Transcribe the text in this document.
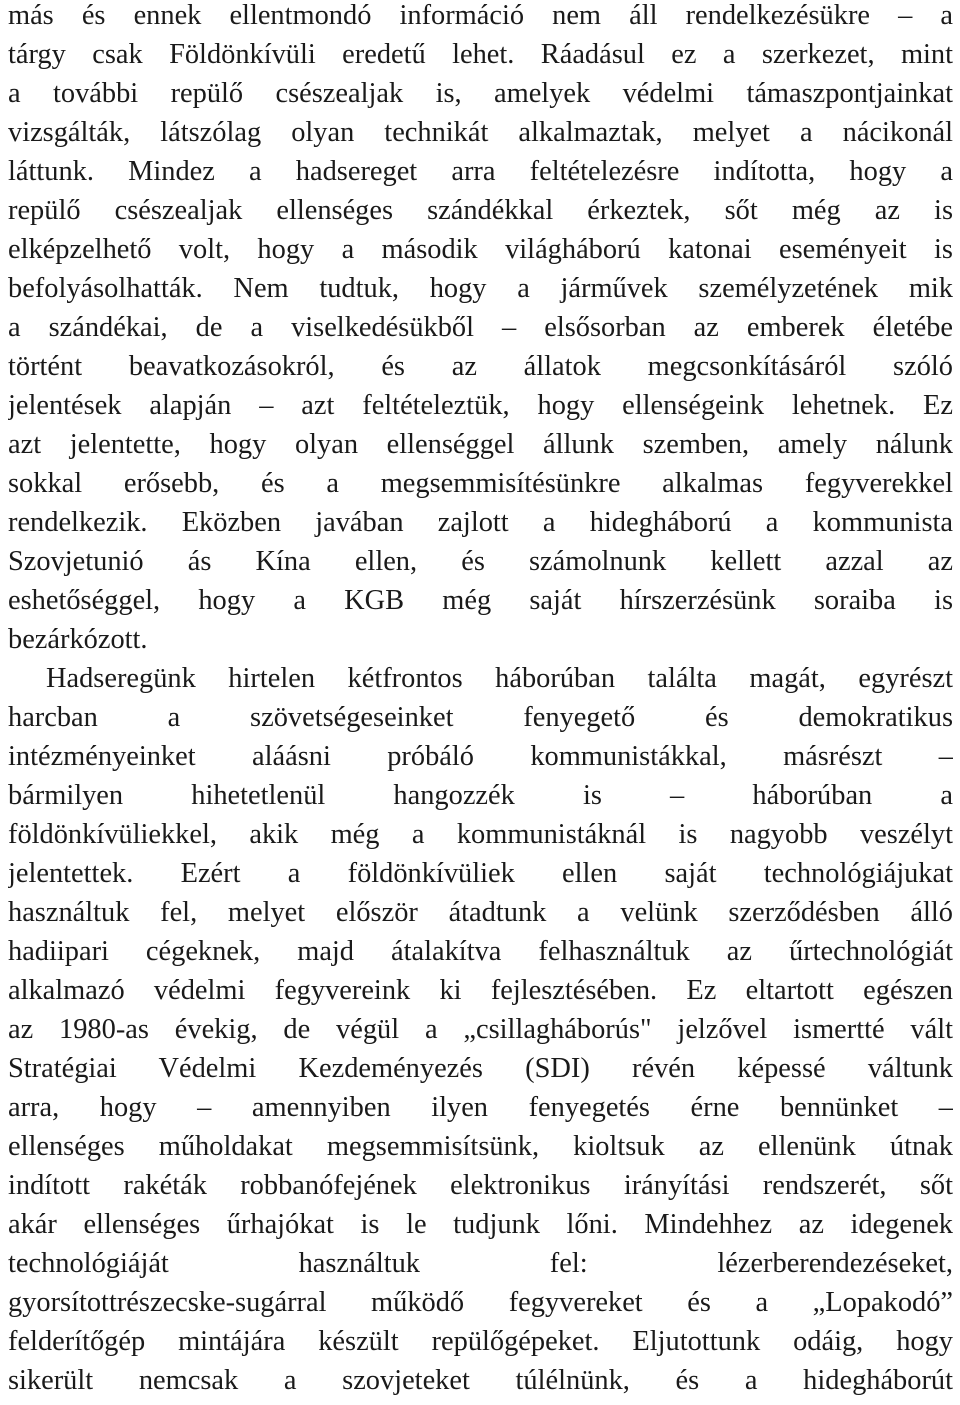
más és ennek ellentmondó információ nem áll rendelkezésükre – a
tárgy csak Földönkívüli eredetű lehet. Ráadásul ez a szerkezet, mint
a további repülő csészealjak is, amelyek védelmi támaszpontjainkat
vizsgálták, látszólag olyan technikát alkalmaztak, melyet a nácikonál
láttunk. Mindez a hadsereget arra feltételezésre indította, hogy a
repülő csészealjak ellenséges szándékkal érkeztek, sőt még az is
elképzelhető volt, hogy a második világháború katonai eseményeit is
befolyásolhatták. Nem tudtuk, hogy a járművek személyzetének mik
a szándékai, de a viselkedésükből – elsősorban az emberek életébe
történt beavatkozásokról, és az állatok megcsonkításáról szóló
jelentések alapján – azt feltételeztük, hogy ellenségeink lehetnek. Ez
azt jelentette, hogy olyan ellenséggel állunk szemben, amely nálunk
sokkal erősebb, és a megsemmisítésünkre alkalmas fegyverekkel
rendelkezik. Eközben javában zajlott a hidegháború a kommunista
Szovjetunió ás Kína ellen, és számolnunk kellett azzal az
eshetőséggel, hogy a KGB még saját hírszerzésünk soraiba is
bezárkózott.
Hadseregünk hirtelen kétfrontos háborúban találta magát, egyrészt
harcban a szövetségeseinket fenyegető és demokratikus
intézményeinket aláásni próbáló kommunistákkal, másrészt –
bármilyen hihetetlenül hangozzék is – háborúban a
földönkívüliekkel, akik még a kommunistáknál is nagyobb veszélyt
jelentettek. Ezért a földönkívüliek ellen saját technológiájukat
használtuk fel, melyet először átadtunk a velünk szerződésben álló
hadiipari cégeknek, majd átalakítva felhasználtuk az űrtechnológiát
alkalmazó védelmi fegyvereink ki fejlesztésében. Ez eltartott egészen
az 1980-as évekig, de végül a „csillagháborús" jelzővel ismertté vált
Stratégiai Védelmi Kezdeményezés (SDI) révén képessé váltunk
arra, hogy – amennyiben ilyen fenyegetés érne bennünket –
ellenséges műholdakat megsemmisítsünk, kioltsuk az ellenünk útnak
indított rakéták robbanófejének elektronikus irányítási rendszerét, sőt
akár ellenséges űrhajókat is le tudjunk lőni. Mindehhez az idegenek
technológiáját használtuk fel: lézerberendezéseket,
gyorsítottrészecske-sugárral működő fegyvereket és a „Lopakodó”
felderítőgép mintájára készült repülőgépeket. Eljutottunk odáig, hogy
sikerült nemcsak a szovjeteket túlélnünk, és a hidegháborút
